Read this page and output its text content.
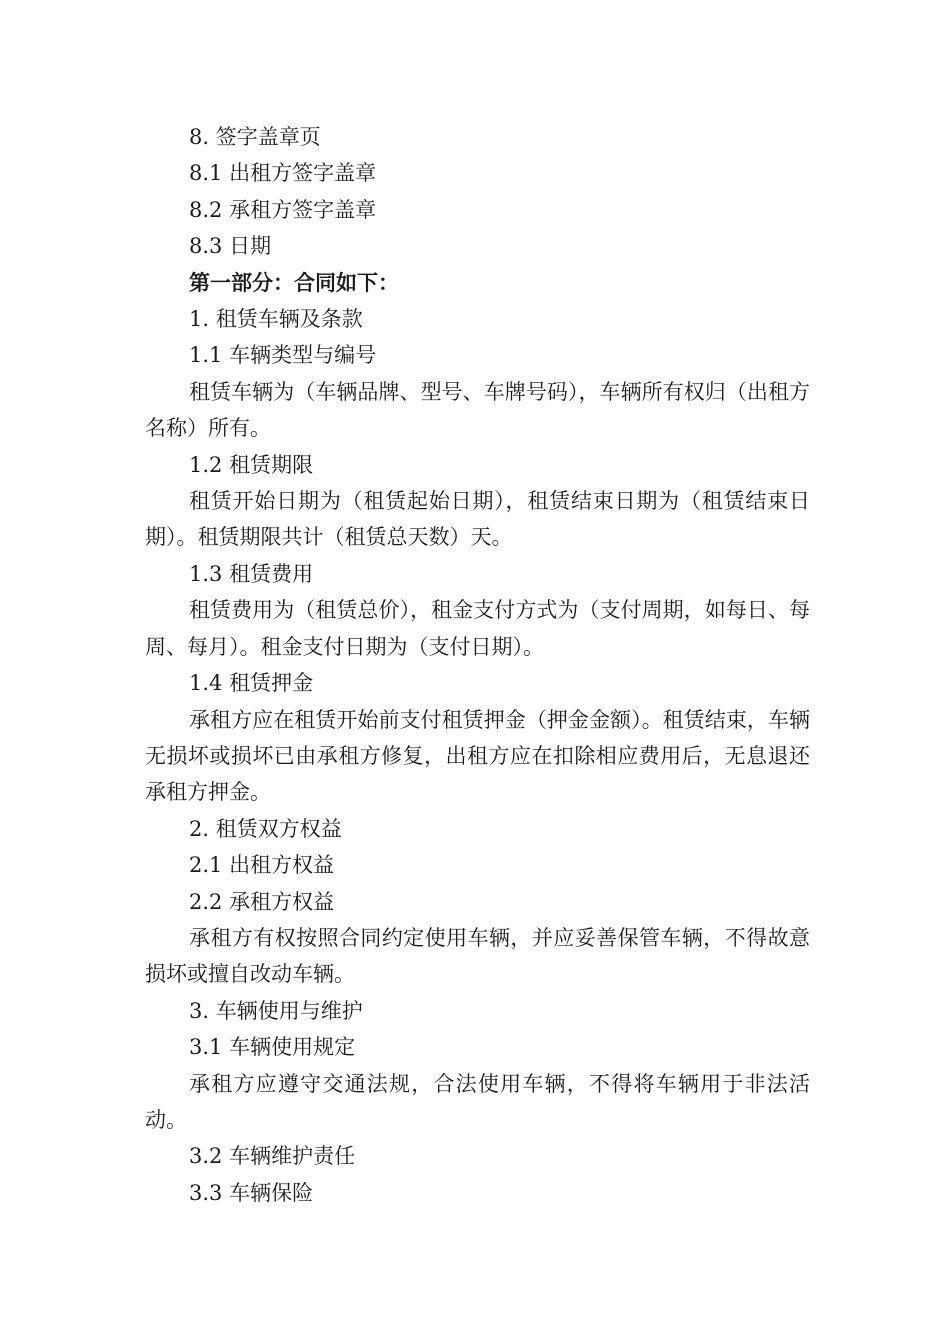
8. 签字盖章页
8.1 出租方签字盖章
8.2 承租方签字盖章
8.3 日期
第一部分：合同如下：
1. 租赁车辆及条款
1.1 车辆类型与编号

租赁车辆为（车辆品牌、型号、车牌号码），车辆所有权归（出租方名称）所有。

1.2 租赁期限

租赁开始日期为（租赁起始日期），租赁结束日期为（租赁结束日期）。租赁期限共计（租赁总天数）天。

1.3 租赁费用

租赁费用为（租赁总价），租金支付方式为（支付周期，如每日、每周、每月）。租金支付日期为（支付日期）。

1.4 租赁押金

承租方应在租赁开始前支付租赁押金（押金金额）。租赁结束，车辆无损坏或损坏已由承租方修复，出租方应在扣除相应费用后，无息退还承租方押金。

2. 租赁双方权益
2.1 出租方权益
2.2 承租方权益

承租方有权按照合同约定使用车辆，并应妥善保管车辆，不得故意损坏或擅自改动车辆。

3. 车辆使用与维护
3.1 车辆使用规定

承租方应遵守交通法规，合法使用车辆，不得将车辆用于非法活动。

3.2 车辆维护责任
3.3 车辆保险
